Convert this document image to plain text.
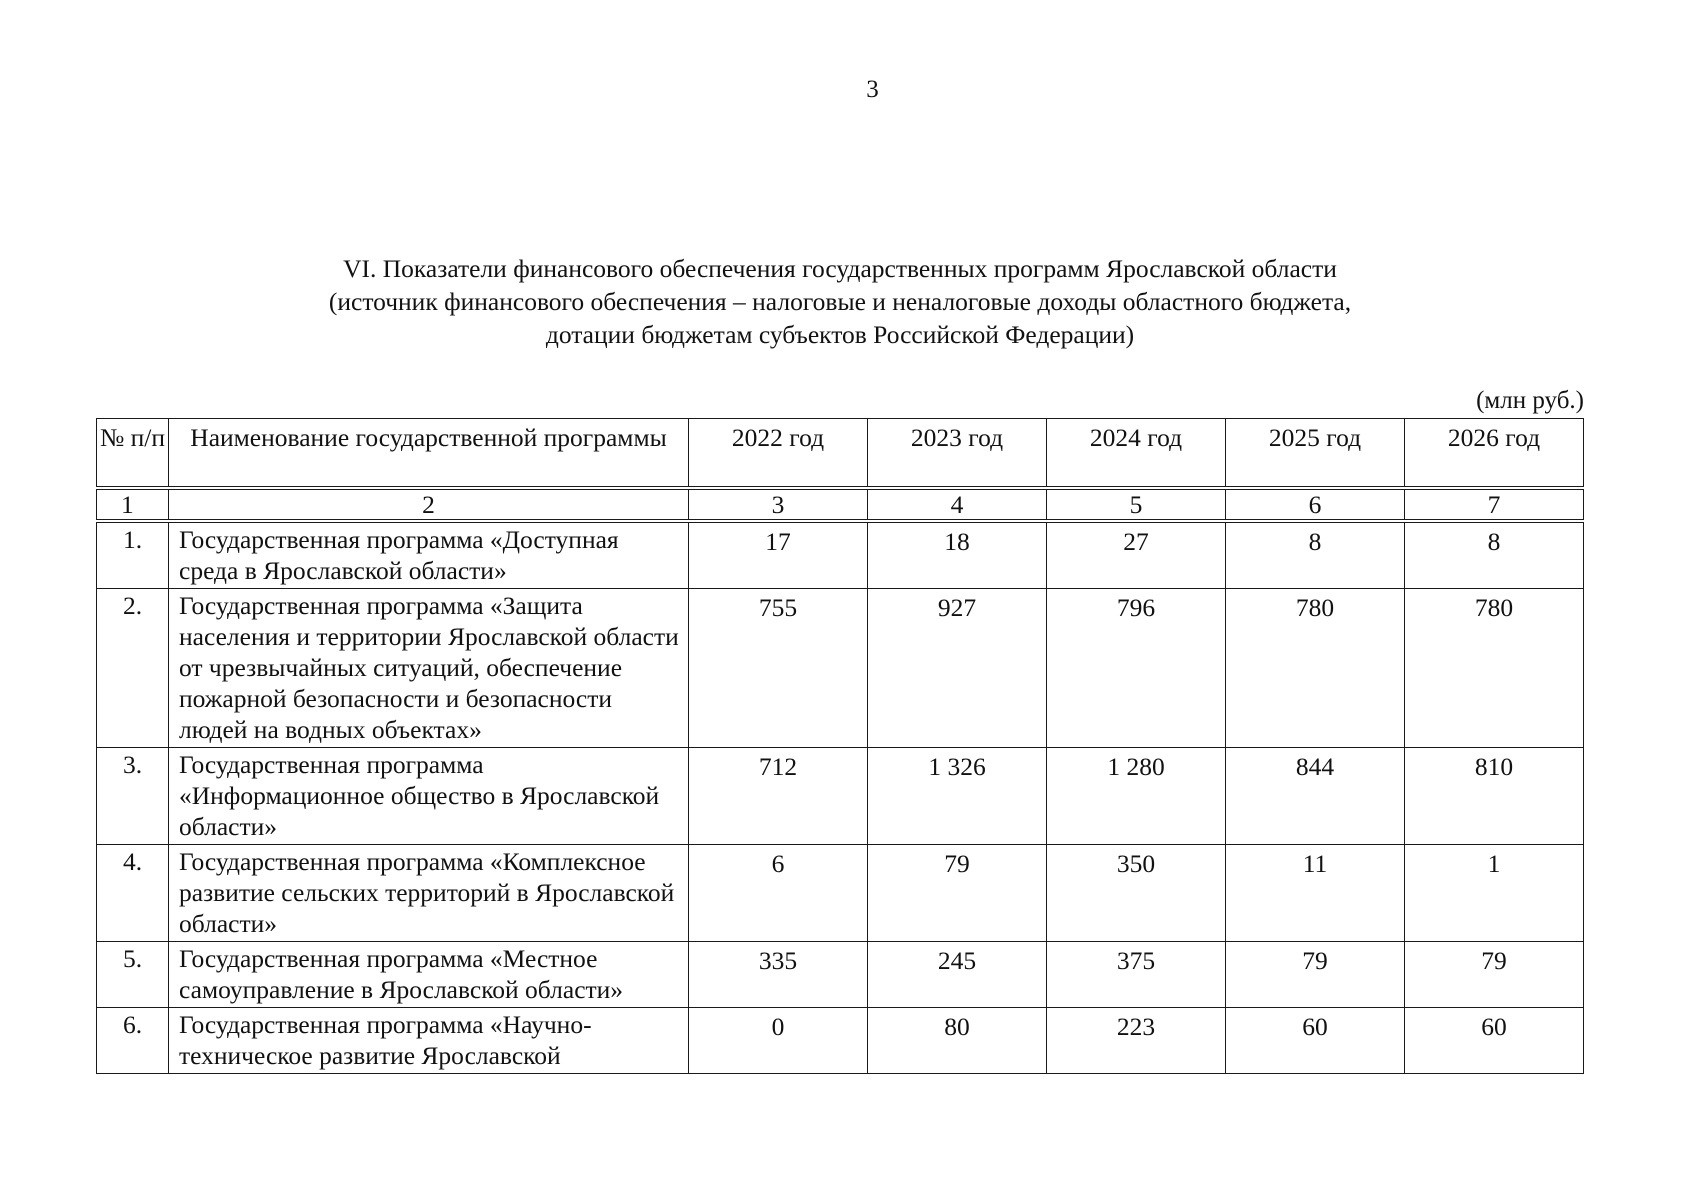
3
VI. Показатели финансового обеспечения государственных программ Ярославской области
(источник финансового обеспечения – налоговые и неналоговые доходы областного бюджета,
дотации бюджетам субъектов Российской Федерации)
(млн руб.)
№ п/п	Наименование государственной программы	2022 год	2023 год	2024 год	2025 год	2026 год
1	2	3	4	5	6	7
1.	Государственная программа «Доступная среда в Ярославской области»	17	18	27	8	8
2.	Государственная программа «Защита населения и территории Ярославской области от чрезвычайных ситуаций, обеспечение пожарной безопасности и безопасности людей на водных объектах»	755	927	796	780	780
3.	Государственная программа «Информационное общество в Ярославской области»	712	1 326	1 280	844	810
4.	Государственная программа «Комплексное развитие сельских территорий в Ярославской области»	6	79	350	11	1
5.	Государственная программа «Местное самоуправление в Ярославской области»	335	245	375	79	79
6.	Государственная программа «Научно-техническое развитие Ярославской	0	80	223	60	60
